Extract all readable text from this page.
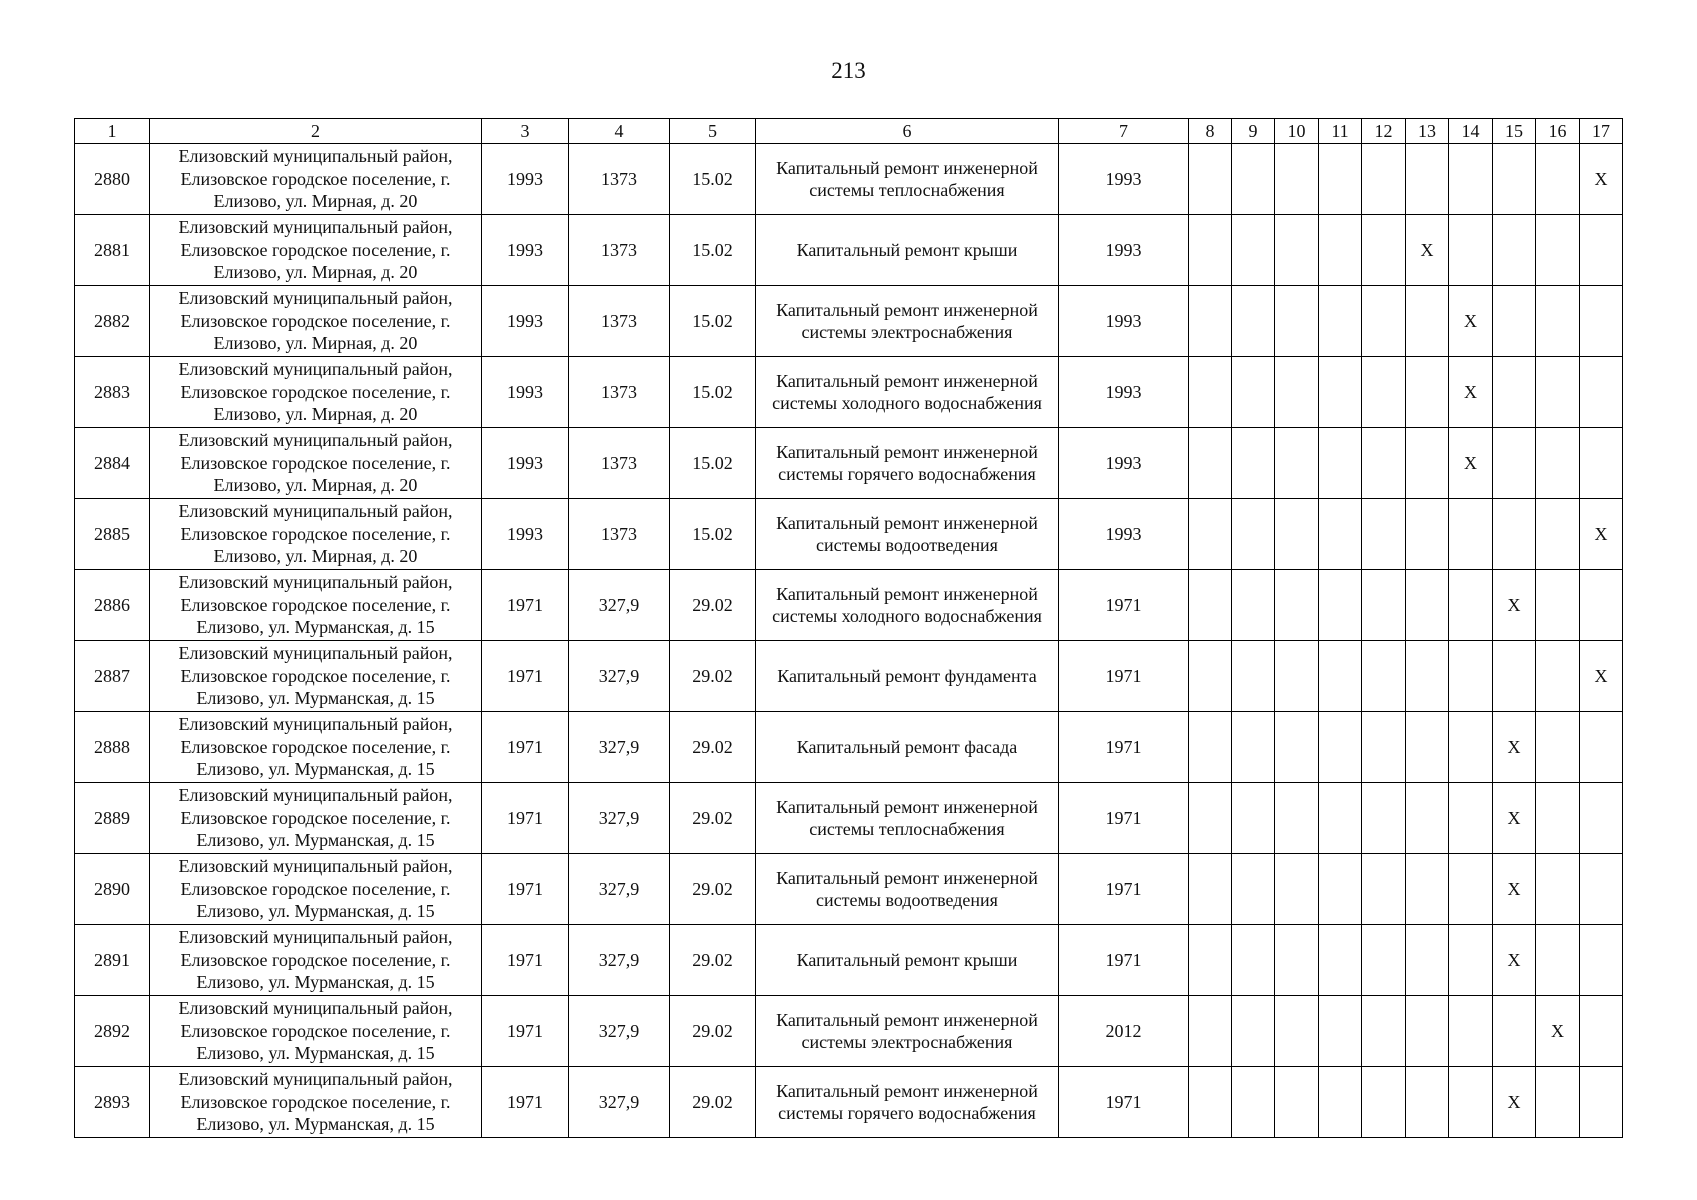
213
1	2	3	4	5	6	7	8	9	10	11	12	13	14	15	16	17
2880	Елизовский муниципальный район, Елизовское городское поселение, г. Елизово, ул. Мирная, д. 20	1993	1373	15.02	Капитальный ремонт инженерной системы теплоснабжения	1993										X
2881	Елизовский муниципальный район, Елизовское городское поселение, г. Елизово, ул. Мирная, д. 20	1993	1373	15.02	Капитальный ремонт крыши	1993						X				
2882	Елизовский муниципальный район, Елизовское городское поселение, г. Елизово, ул. Мирная, д. 20	1993	1373	15.02	Капитальный ремонт инженерной системы электроснабжения	1993							X			
2883	Елизовский муниципальный район, Елизовское городское поселение, г. Елизово, ул. Мирная, д. 20	1993	1373	15.02	Капитальный ремонт инженерной системы холодного водоснабжения	1993							X			
2884	Елизовский муниципальный район, Елизовское городское поселение, г. Елизово, ул. Мирная, д. 20	1993	1373	15.02	Капитальный ремонт инженерной системы горячего водоснабжения	1993							X			
2885	Елизовский муниципальный район, Елизовское городское поселение, г. Елизово, ул. Мирная, д. 20	1993	1373	15.02	Капитальный ремонт инженерной системы водоотведения	1993										X
2886	Елизовский муниципальный район, Елизовское городское поселение, г. Елизово, ул. Мурманская, д. 15	1971	327,9	29.02	Капитальный ремонт инженерной системы холодного водоснабжения	1971								X		
2887	Елизовский муниципальный район, Елизовское городское поселение, г. Елизово, ул. Мурманская, д. 15	1971	327,9	29.02	Капитальный ремонт фундамента	1971										X
2888	Елизовский муниципальный район, Елизовское городское поселение, г. Елизово, ул. Мурманская, д. 15	1971	327,9	29.02	Капитальный ремонт фасада	1971								X		
2889	Елизовский муниципальный район, Елизовское городское поселение, г. Елизово, ул. Мурманская, д. 15	1971	327,9	29.02	Капитальный ремонт инженерной системы теплоснабжения	1971								X		
2890	Елизовский муниципальный район, Елизовское городское поселение, г. Елизово, ул. Мурманская, д. 15	1971	327,9	29.02	Капитальный ремонт инженерной системы водоотведения	1971								X		
2891	Елизовский муниципальный район, Елизовское городское поселение, г. Елизово, ул. Мурманская, д. 15	1971	327,9	29.02	Капитальный ремонт крыши	1971								X		
2892	Елизовский муниципальный район, Елизовское городское поселение, г. Елизово, ул. Мурманская, д. 15	1971	327,9	29.02	Капитальный ремонт инженерной системы электроснабжения	2012									X	
2893	Елизовский муниципальный район, Елизовское городское поселение, г. Елизово, ул. Мурманская, д. 15	1971	327,9	29.02	Капитальный ремонт инженерной системы горячего водоснабжения	1971								X		
